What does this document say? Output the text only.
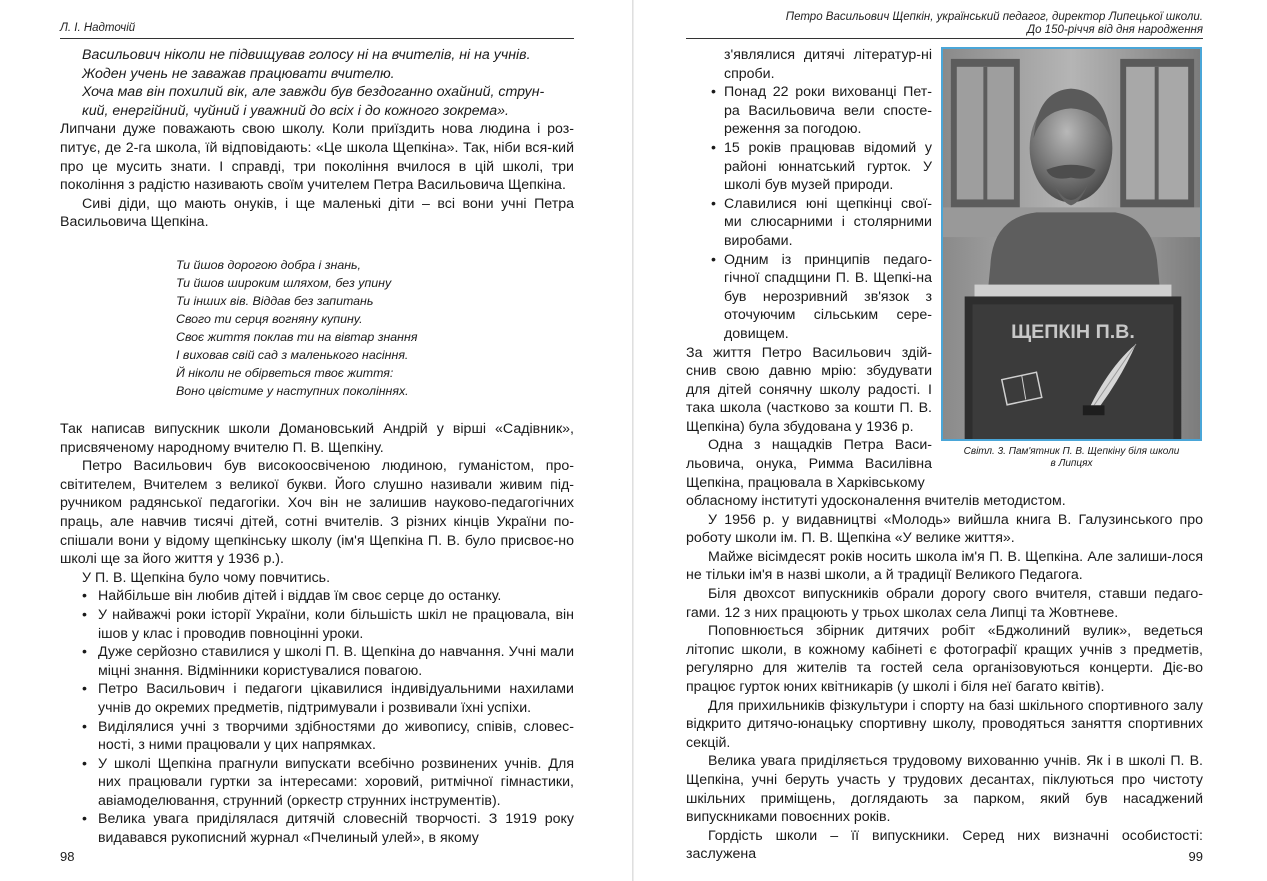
Л. І. Надточій

Васильович ніколи не підвищував голосу ні на вчителів, ні на учнів.

Жоден учень не заважав працювати вчителю.

Хоча мав він похилий вік, але завжди був бездоганно охайний, струн-

кий, енергійний, чуйний і уважний до всіх і до кожного зокрема».

Липчани дуже поважають свою школу. Коли приїздить нова людина і роз-питує, де 2-га школа, їй відповідають: «Це школа Щепкіна». Так, ніби вся-кий про це мусить знати. І справді, три покоління вчилося в цій школі, три покоління з радістю називають своїм учителем Петра Васильовича Щепкіна.

Сиві діди, що мають онуків, і ще маленькі діти – всі вони учні Петра Васильовича Щепкіна.

Ти йшов дорогою добра і знань,
Ти йшов широким шляхом, без упину
Ти інших вів. Віддав без запитань
Свого ти серця вогняну купину.
Своє життя поклав ти на вівтар знання
І виховав свій сад з маленького насіння.
Й ніколи не обірветься твоє життя:
Воно цвістиме у наступних поколіннях.

Так написав випускник школи Домановський Андрій у вірші «Садівник», присвяченому народному вчителю П. В. Щепкіну.

Петро Васильович був високоосвіченою людиною, гуманістом, про-світителем, Вчителем з великої букви. Його слушно називали живим під-ручником радянської педагогіки. Хоч він не залишив науково-педагогічних праць, але навчив тисячі дітей, сотні вчителів. З різних кінців України по-спішали вони у відому щепкінську школу (ім'я Щепкіна П. В. було присвоє-но школі ще за його життя у 1936 р.).

У П. В. Щепкіна було чому повчитись.

• Найбільше він любив дітей і віддав їм своє серце до останку.
• У найважчі роки історії України, коли більшість шкіл не працювала, він ішов у клас і проводив повноцінні уроки.
• Дуже серйозно ставилися у школі П. В. Щепкіна до навчання. Учні мали міцні знання. Відмінники користувалися повагою.
• Петро Васильович і педагоги цікавилися індивідуальними нахилами учнів до окремих предметів, підтримували і розвивали їхні успіхи.
• Виділялися учні з творчими здібностями до живопису, співів, словес-ності, з ними працювали у цих напрямках.
• У школі Щепкіна прагнули випускати всебічно розвинених учнів. Для них працювали гуртки за інтересами: хоровий, ритмічної гімнастики, авіамоделювання, струнний (оркестр струнних інструментів).
• Велика увага приділялася дитячій словесній творчості. З 1919 року видавався рукописний журнал «Пчелиный улей», в якому
98
Петро Васильович Щепкін, український педагог, директор Липецької школи.
До 150-річчя від дня народження

з'являлися дитячі літератур-ні спроби.

• Понад 22 роки вихованці Пет-ра Васильовича вели спосте-реження за погодою.
• 15 років працював відомий у районі юннатський гурток. У школі був музей природи.
• Славилися юні щепкінці свої-ми слюсарними і столярними виробами.
• Одним із принципів педаго-гічної спадщини П. В. Щепкі-на був нерозривний зв'язок з оточуючим сільським сере-довищем.

За життя Петро Васильович здій-снив свою давню мрію: збудувати для дітей сонячну школу радості. І така школа (частково за кошти П. В. Щепкіна) була збудована у 1936 р.

Одна з нащадків Петра Васи-льовича, онука, Римма Василівна Щепкіна, працювала в Харківському

ЩЕПКІН П.В.
Світл. 3. Пам'ятник П. В. Щепкіну біля школи
в Липцях

обласному інституті удосконалення вчителів методистом.

У 1956 р. у видавництві «Молодь» вийшла книга В. Галузинського про роботу школи ім. П. В. Щепкіна «У велике життя».

Майже вісімдесят років носить школа ім'я П. В. Щепкіна. Але залиши-лося не тільки ім'я в назві школи, а й традиції Великого Педагога.

Біля двохсот випускників обрали дорогу свого вчителя, ставши педаго-гами. 12 з них працюють у трьох школах села Липці та Жовтневе.

Поповнюється збірник дитячих робіт «Бджолиний вулик», ведеться літопис школи, в кожному кабінеті є фотографії кращих учнів з предметів, регулярно для жителів та гостей села організовуються концерти. Діє-во працює гурток юних квітникарів (у школі і біля неї багато квітів).

Для прихильників фізкультури і спорту на базі шкільного спортивного залу відкрито дитячо-юнацьку спортивну школу, проводяться заняття спортивних секцій.

Велика увага приділяється трудовому вихованню учнів. Як і в школі П. В. Щепкіна, учні беруть участь у трудових десантах, піклуються про чистоту шкільних приміщень, доглядають за парком, який був насаджений випускниками повоєнних років.

Гордість школи – її випускники. Серед них визначні особистості: заслужена	99
